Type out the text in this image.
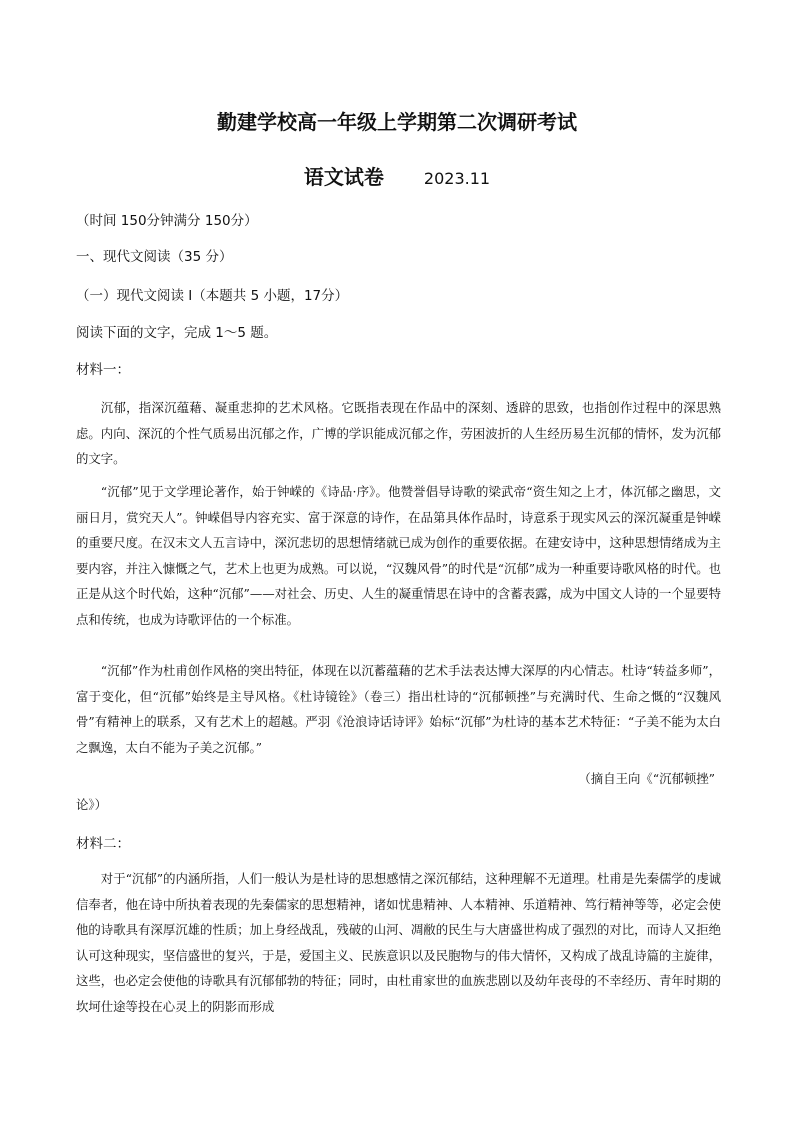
勤建学校高一年级上学期第二次调研考试
语文试卷	2023.11
（时间 150分钟满分 150分）
一、现代文阅读（35 分）
（一）现代文阅读 I（本题共 5 小题，17分）
阅读下面的文字，完成 1～5 题。
材料一：

沉郁，指深沉蕴藉、凝重悲抑的艺术风格。它既指表现在作品中的深刻、透辟的思致，也指创作过程中的深思熟虑。内向、深沉的个性气质易出沉郁之作，广博的学识能成沉郁之作，劳困波折的人生经历易生沉郁的情怀，发为沉郁的文字。

“沉郁”见于文学理论著作，始于钟嵘的《诗品·序》。他赞誉倡导诗歌的梁武帝“资生知之上才，体沉郁之幽思，文丽日月，赏究天人”。钟嵘倡导内容充实、富于深意的诗作，在品第具体作品时，诗意系于现实风云的深沉凝重是钟嵘的重要尺度。在汉末文人五言诗中，深沉悲切的思想情绪就已成为创作的重要依据。在建安诗中，这种思想情绪成为主要内容，并注入慷慨之气，艺术上也更为成熟。可以说，“汉魏风骨”的时代是“沉郁”成为一种重要诗歌风格的时代。也正是从这个时代始，这种“沉郁”——对社会、历史、人生的凝重情思在诗中的含蓄表露，成为中国文人诗的一个显要特点和传统，也成为诗歌评估的一个标准。

“沉郁”作为杜甫创作风格的突出特征，体现在以沉蓄蕴藉的艺术手法表达博大深厚的内心情志。杜诗“转益多师”，富于变化，但“沉郁”始终是主导风格。《杜诗镜铨》（卷三）指出杜诗的“沉郁顿挫”与充满时代、生命之慨的“汉魏风骨”有精神上的联系，又有艺术上的超越。严羽《沧浪诗话诗评》始标“沉郁”为杜诗的基本艺术特征：“子美不能为太白之飘逸，太白不能为子美之沉郁。”

（摘自王向《“沉郁顿挫”
论》）
材料二：

对于“沉郁”的内涵所指，人们一般认为是杜诗的思想感情之深沉郁结，这种理解不无道理。杜甫是先秦儒学的虔诚信奉者，他在诗中所执着表现的先秦儒家的思想精神，诸如忧患精神、人本精神、乐道精神、笃行精神等等，必定会使他的诗歌具有深厚沉雄的性质；加上身经战乱，残破的山河、凋敝的民生与大唐盛世构成了强烈的对比，而诗人又拒绝认可这种现实，坚信盛世的复兴，于是，爱国主义、民族意识以及民胞物与的伟大情怀，又构成了战乱诗篇的主旋律，这些，也必定会使他的诗歌具有沉郁郁勃的特征；同时，由杜甫家世的血族悲剧以及幼年丧母的不幸经历、青年时期的坎坷仕途等投在心灵上的阴影而形成
